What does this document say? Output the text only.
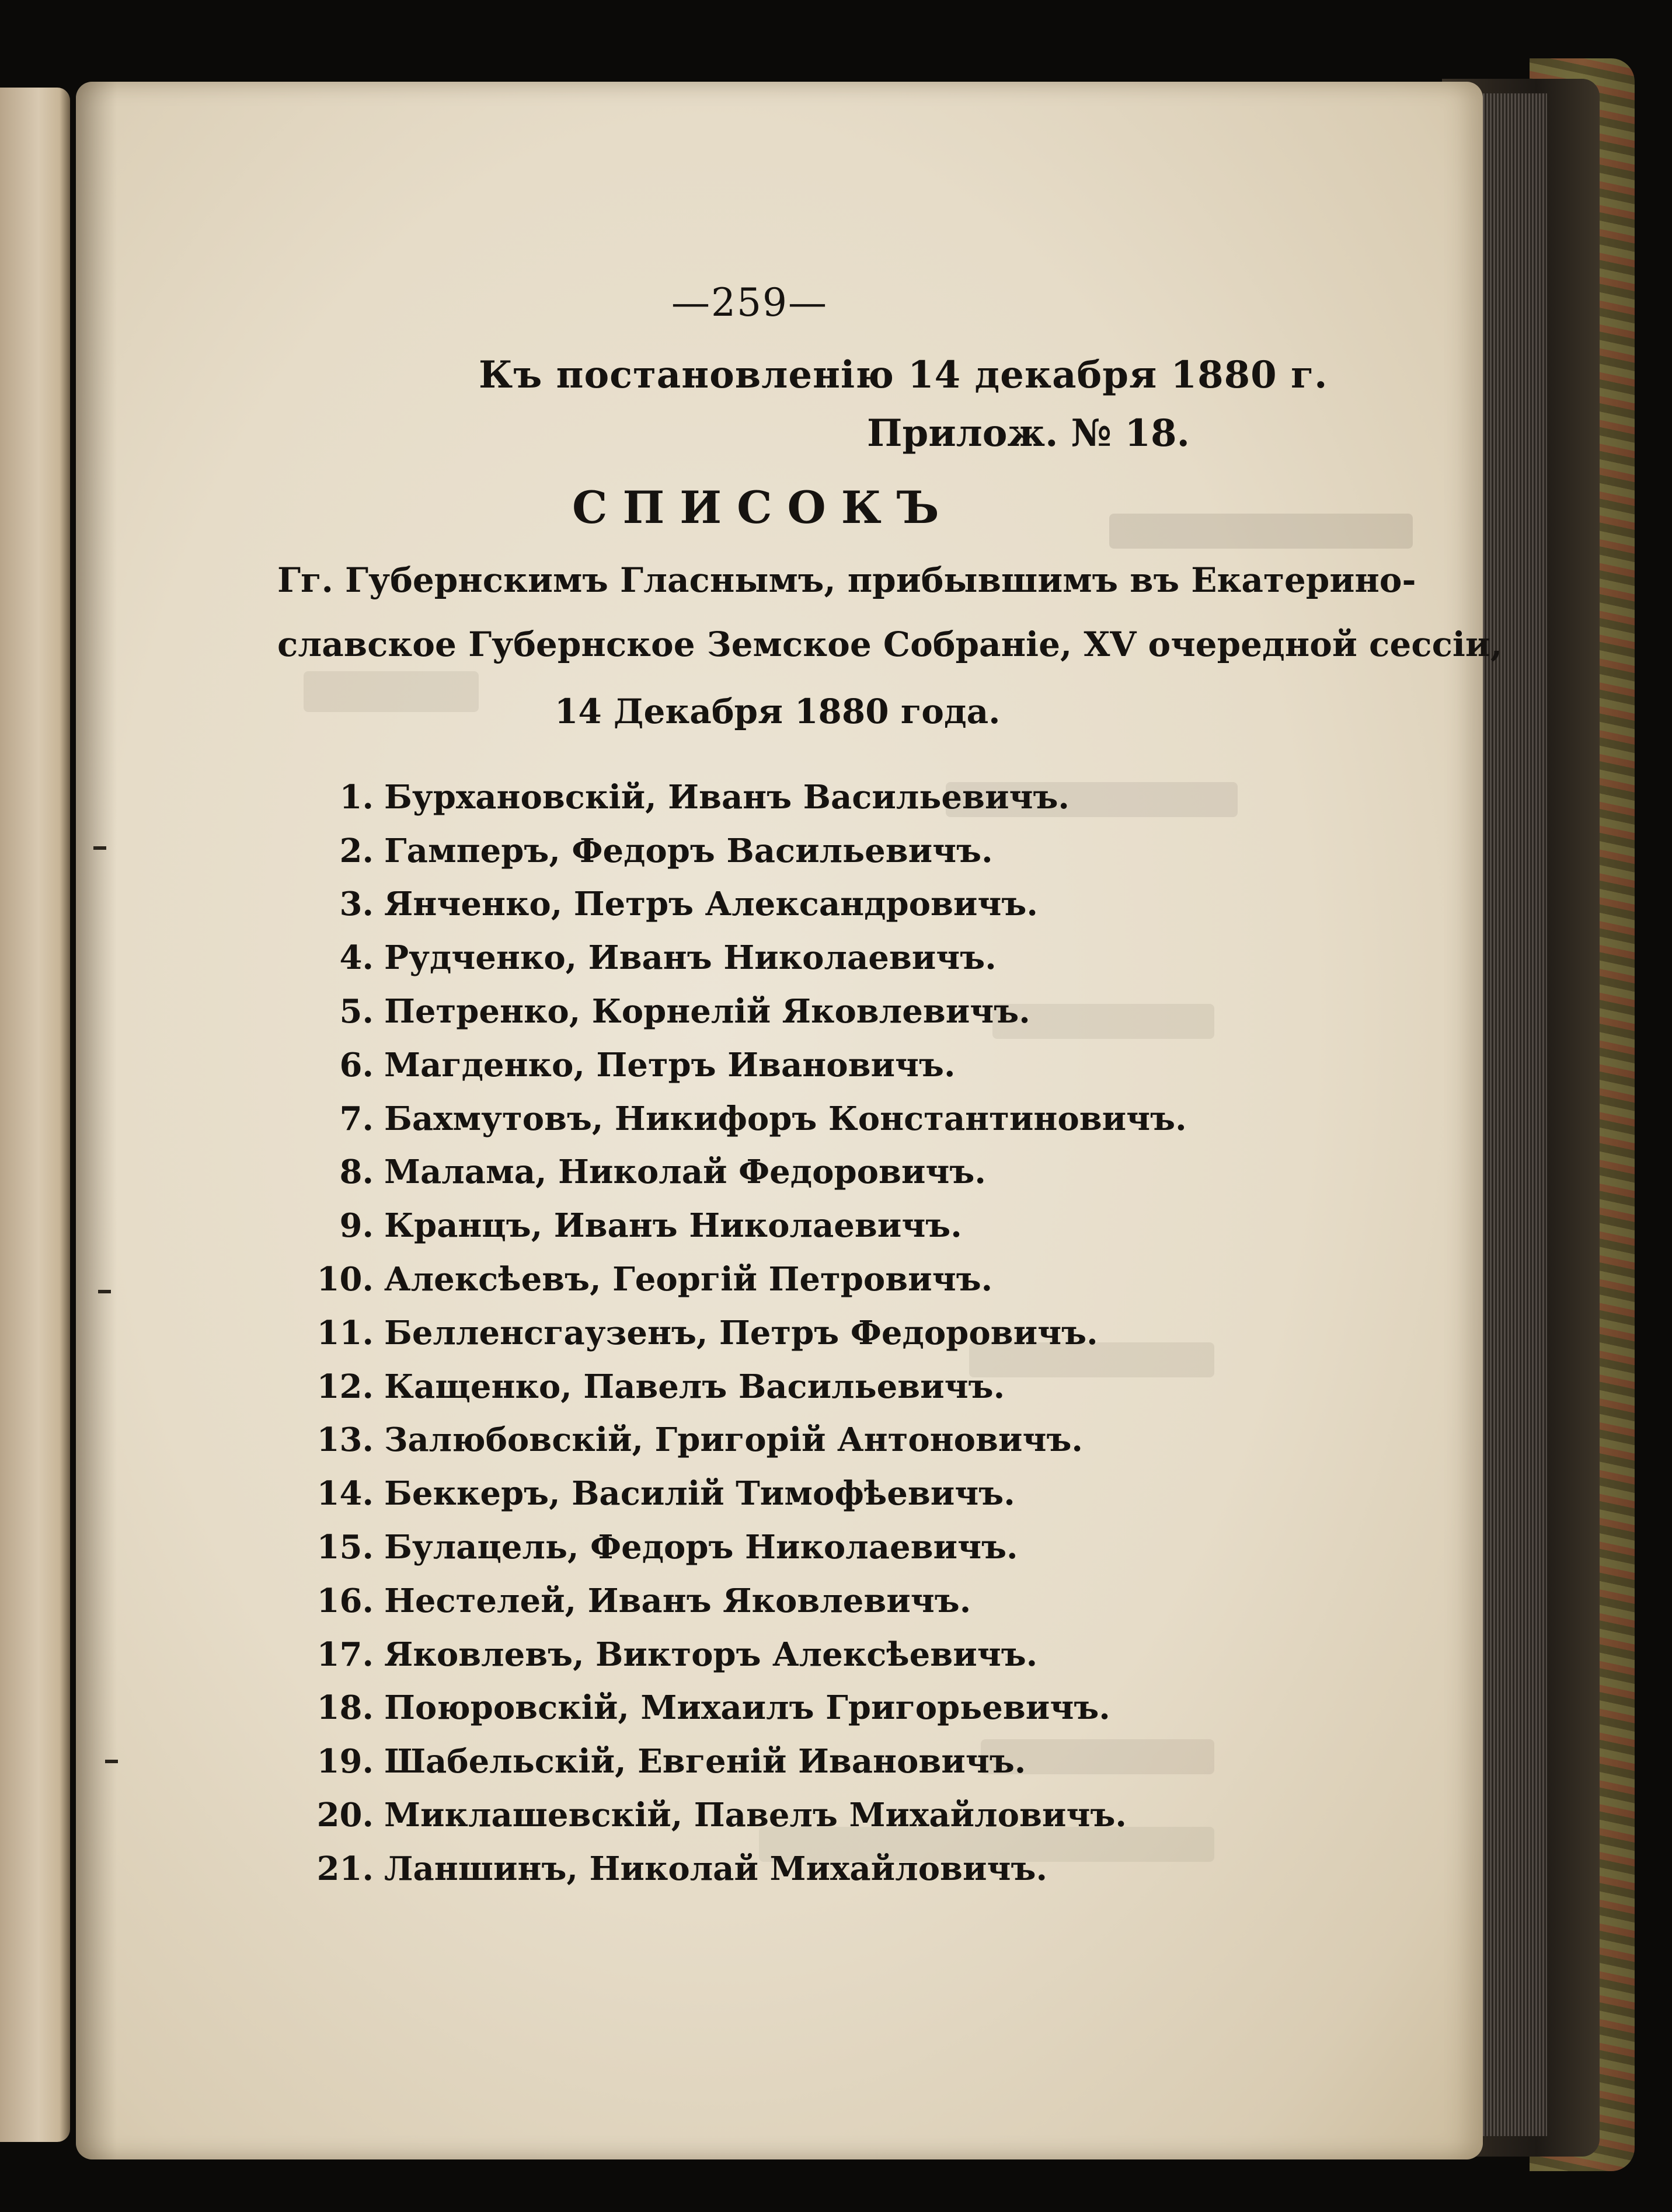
—259—
Къ постановленію 14 декабря 1880 г.
Прилож. № 18.
СПИСОКЪ
Гг. Губернскимъ Гласнымъ, прибывшимъ въ Екатерино-
славское Губернское Земское Собраніе, XV очередной сессіи,
14 Декабря 1880 года.
1. Бурхановскій, Иванъ Васильевичъ.
2. Гамперъ, Федоръ Васильевичъ.
3. Янченко, Петръ Александровичъ.
4. Рудченко, Иванъ Николаевичъ.
5. Петренко, Корнелій Яковлевичъ.
6. Магденко, Петръ Ивановичъ.
7. Бахмутовъ, Никифоръ Константиновичъ.
8. Малама, Николай Федоровичъ.
9. Кранцъ, Иванъ Николаевичъ.
10. Алексѣевъ, Георгій Петровичъ.
11. Белленсгаузенъ, Петръ Федоровичъ.
12. Кащенко, Павелъ Васильевичъ.
13. Залюбовскій, Григорій Антоновичъ.
14. Беккеръ, Василій Тимофѣевичъ.
15. Булацель, Федоръ Николаевичъ.
16. Нестелей, Иванъ Яковлевичъ.
17. Яковлевъ, Викторъ Алексѣевичъ.
18. Поюровскій, Михаилъ Григорьевичъ.
19. Шабельскій, Евгеній Ивановичъ.
20. Миклашевскій, Павелъ Михайловичъ.
21. Ланшинъ, Николай Михайловичъ.
